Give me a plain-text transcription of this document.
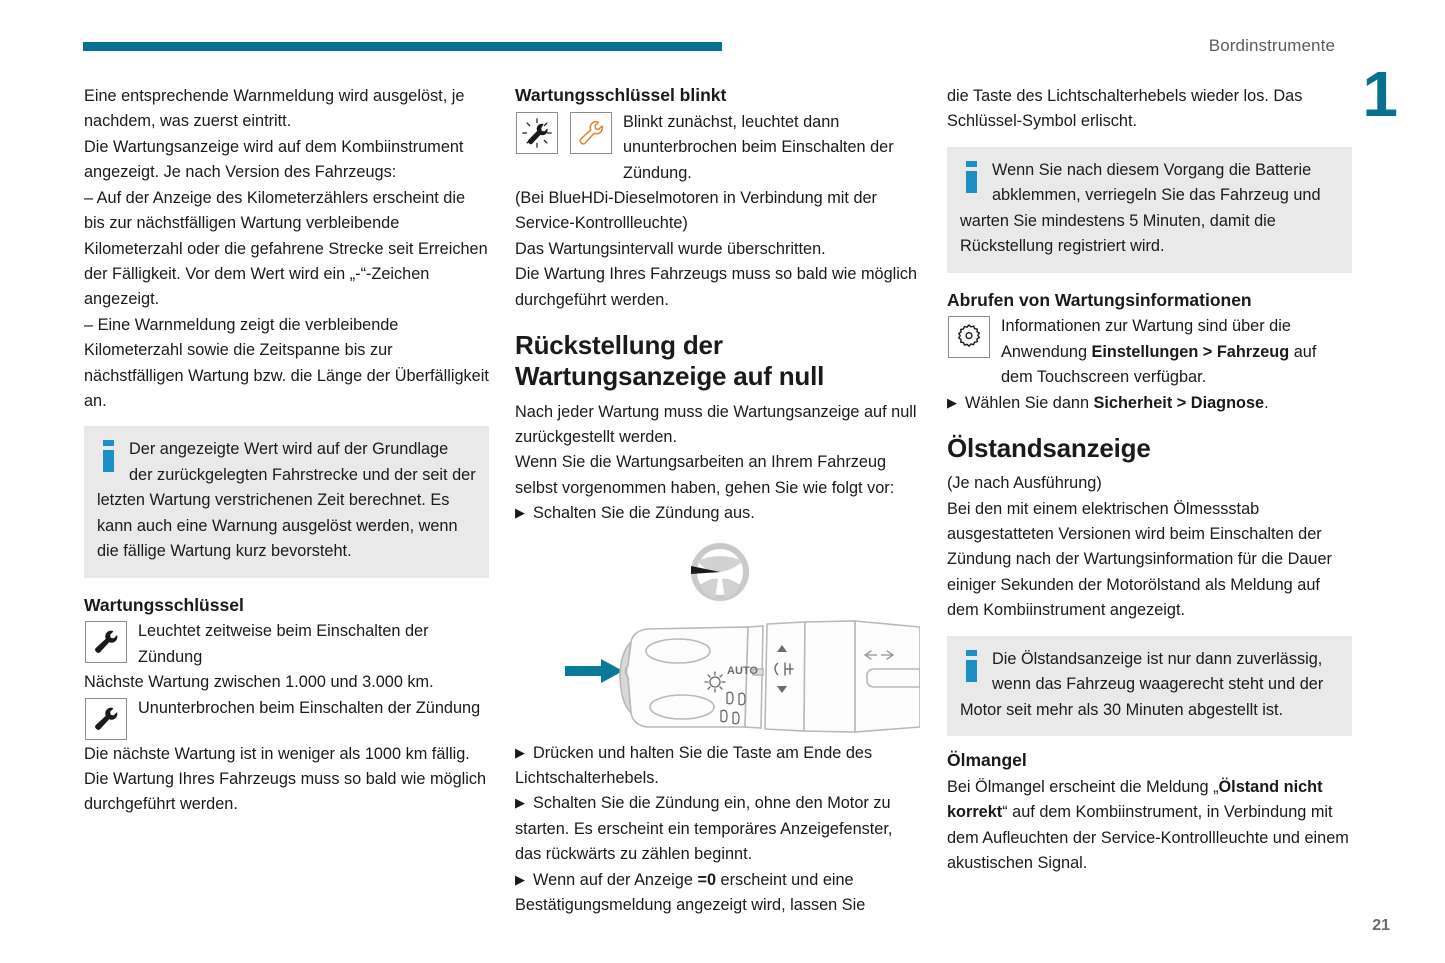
Bordinstrumente
1
21

Eine entsprechende Warnmeldung wird ausgelöst, je nachdem, was zuerst eintritt.

Die Wartungsanzeige wird auf dem Kombiinstrument angezeigt. Je nach Version des Fahrzeugs:

– Auf der Anzeige des Kilometerzählers erscheint die bis zur nächstfälligen Wartung verbleibende Kilometerzahl oder die gefahrene Strecke seit Erreichen der Fälligkeit. Vor dem Wert wird ein „-“-Zeichen angezeigt.

– Eine Warnmeldung zeigt die verbleibende Kilometerzahl sowie die Zeitspanne bis zur nächstfälligen Wartung bzw. die Länge der Überfälligkeit an.

Der angezeigte Wert wird auf der Grundlage der zurückgelegten Fahrstrecke und der seit der letzten Wartung verstrichenen Zeit berechnet. Es kann auch eine Warnung ausgelöst werden, wenn die fällige Wartung kurz bevorsteht.
Wartungsschlüssel
Leuchtet zeitweise beim Einschalten der Zündung

Nächste Wartung zwischen 1.000 und 3.000 km.

Ununterbrochen beim Einschalten der Zündung

Die nächste Wartung ist in weniger als 1000 km fällig.

Die Wartung Ihres Fahrzeugs muss so bald wie möglich durchgeführt werden.

Wartungsschlüssel blinkt
Blinkt zunächst, leuchtet dann ununterbrochen beim Einschalten der Zündung.

(Bei BlueHDi-Dieselmotoren in Verbindung mit der Service-Kontrollleuchte)

Das Wartungsintervall wurde überschritten.

Die Wartung Ihres Fahrzeugs muss so bald wie möglich durchgeführt werden.

Rückstellung der Wartungsanzeige auf null

Nach jeder Wartung muss die Wartungsanzeige auf null zurückgestellt werden.

Wenn Sie die Wartungsarbeiten an Ihrem Fahrzeug selbst vorgenommen haben, gehen Sie wie folgt vor:

▶ Schalten Sie die Zündung aus.

AUTO

▶ Drücken und halten Sie die Taste am Ende des Lichtschalterhebels.

▶ Schalten Sie die Zündung ein, ohne den Motor zu starten. Es erscheint ein temporäres Anzeigefenster, das rückwärts zu zählen beginnt.

▶ Wenn auf der Anzeige =0 erscheint und eine Bestätigungsmeldung angezeigt wird, lassen Sie

die Taste des Lichtschalterhebels wieder los. Das Schlüssel-Symbol erlischt.

Wenn Sie nach diesem Vorgang die Batterie abklemmen, verriegeln Sie das Fahrzeug und warten Sie mindestens 5 Minuten, damit die Rückstellung registriert wird.
Abrufen von Wartungsinformationen
Informationen zur Wartung sind über die Anwendung Einstellungen > Fahrzeug auf dem Touchscreen verfügbar.

▶ Wählen Sie dann Sicherheit > Diagnose.

Ölstandsanzeige

(Je nach Ausführung)

Bei den mit einem elektrischen Ölmessstab ausgestatteten Versionen wird beim Einschalten der Zündung nach der Wartungsinformation für die Dauer einiger Sekunden der Motorölstand als Meldung auf dem Kombiinstrument angezeigt.

Die Ölstandsanzeige ist nur dann zuverlässig, wenn das Fahrzeug waagerecht steht und der Motor seit mehr als 30 Minuten abgestellt ist.
Ölmangel

Bei Ölmangel erscheint die Meldung „Ölstand nicht korrekt“ auf dem Kombiinstrument, in Verbindung mit dem Aufleuchten der Service-Kontrollleuchte und einem akustischen Signal.
